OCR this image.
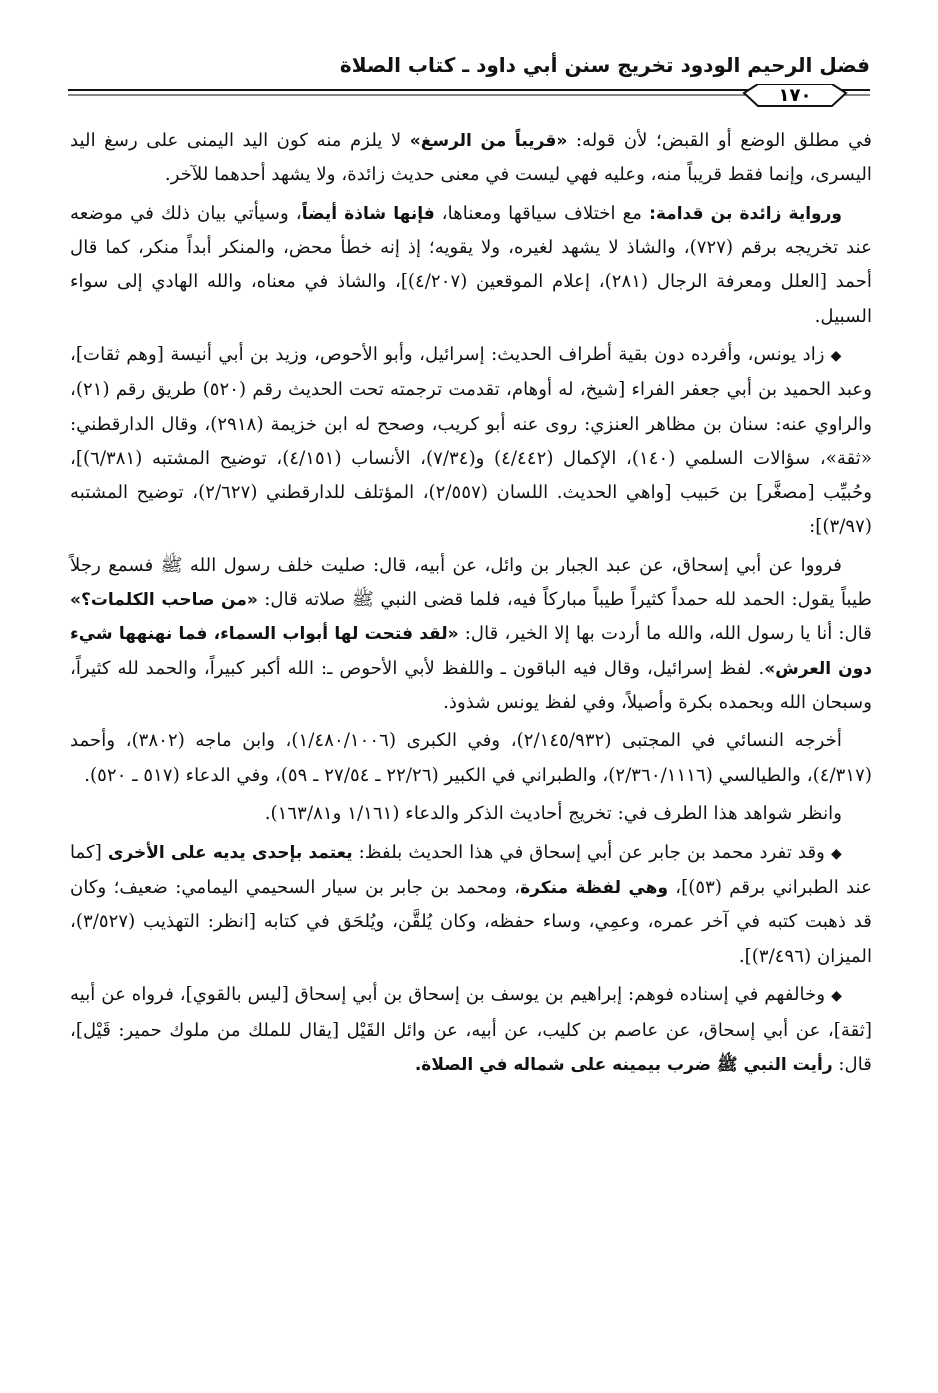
فضل الرحيم الودود تخريج سنن أبي داود ـ كتاب الصلاة
١٧٠

في مطلق الوضع أو القبض؛ لأن قوله: «قريباً من الرسغ» لا يلزم منه كون اليد اليمنى على رسغ اليد اليسرى، وإنما فقط قريباً منه، وعليه فهي ليست في معنى حديث زائدة، ولا يشهد أحدهما للآخر.

ورواية زائدة بن قدامة: مع اختلاف سياقها ومعناها، فإنها شاذة أيضاً، وسيأتي بيان ذلك في موضعه عند تخريجه برقم (٧٢٧)، والشاذ لا يشهد لغيره، ولا يقويه؛ إذ إنه خطأ محض، والمنكر أبداً منكر، كما قال أحمد [العلل ومعرفة الرجال (٢٨١)، إعلام الموقعين (٤/٢٠٧)]، والشاذ في معناه، والله الهادي إلى سواء السبيل.

◆زاد يونس، وأفرده دون بقية أطراف الحديث: إسرائيل، وأبو الأحوص، وزيد بن أبي أنيسة [وهم ثقات]، وعبد الحميد بن أبي جعفر الفراء [شيخ، له أوهام، تقدمت ترجمته تحت الحديث رقم (٥٢٠) طريق رقم (٢١)، والراوي عنه: سنان بن مظاهر العنزي: روى عنه أبو كريب، وصحح له ابن خزيمة (٢٩١٨)، وقال الدارقطني: «ثقة»، سؤالات السلمي (١٤٠)، الإكمال (٤/٤٤٢) و(٧/٣٤)، الأنساب (٤/١٥١)، توضيح المشتبه (٦/٣٨١)]، وحُبيِّب [مصغَّر] بن حَبيب [واهي الحديث. اللسان (٢/٥٥٧)، المؤتلف للدارقطني (٢/٦٢٧)، توضيح المشتبه (٣/٩٧)]:

فرووا عن أبي إسحاق، عن عبد الجبار بن وائل، عن أبيه، قال: صليت خلف رسول الله ﷺ فسمع رجلاً طيباً يقول: الحمد لله حمداً كثيراً طيباً مباركاً فيه، فلما قضى النبي ﷺ صلاته قال: «من صاحب الكلمات؟» قال: أنا يا رسول الله، والله ما أردت بها إلا الخير، قال: «لقد فتحت لها أبواب السماء، فما نهنهها شيء دون العرش». لفظ إسرائيل، وقال فيه الباقون ـ واللفظ لأبي الأحوص ـ: الله أكبر كبيراً، والحمد لله كثيراً، وسبحان الله وبحمده بكرة وأصيلاً، وفي لفظ يونس شذوذ.

أخرجه النسائي في المجتبى (٢/١٤٥/٩٣٢)، وفي الكبرى (١/٤٨٠/١٠٠٦)، وابن ماجه (٣٨٠٢)، وأحمد (٤/٣١٧)، والطيالسي (٢/٣٦٠/١١١٦)، والطبراني في الكبير (٢٢/٢٦ ـ ٢٧/٥٤ ـ ٥٩)، وفي الدعاء (٥١٧ ـ ٥٢٠).

وانظر شواهد هذا الطرف في: تخريج أحاديث الذكر والدعاء (١/١٦١ و١٦٣/٨١).

◆وقد تفرد محمد بن جابر عن أبي إسحاق في هذا الحديث بلفظ: يعتمد بإحدى يديه على الأخرى [كما عند الطبراني برقم (٥٣)]، وهي لفظة منكرة، ومحمد بن جابر بن سيار السحيمي اليمامي: ضعيف؛ وكان قد ذهبت كتبه في آخر عمره، وعمِي، وساء حفظه، وكان يُلقَّن، ويُلحَق في كتابه [انظر: التهذيب (٣/٥٢٧)، الميزان (٣/٤٩٦)].

◆وخالفهم في إسناده فوهم: إبراهيم بن يوسف بن إسحاق بن أبي إسحاق [ليس بالقوي]، فرواه عن أبيه [ثقة]، عن أبي إسحاق، عن عاصم بن كليب، عن أبيه، عن وائل القَيْل [يقال للملك من ملوك حمير: قَيْل]، قال: رأيت النبي ﷺ ضرب بيمينه على شماله في الصلاة.
